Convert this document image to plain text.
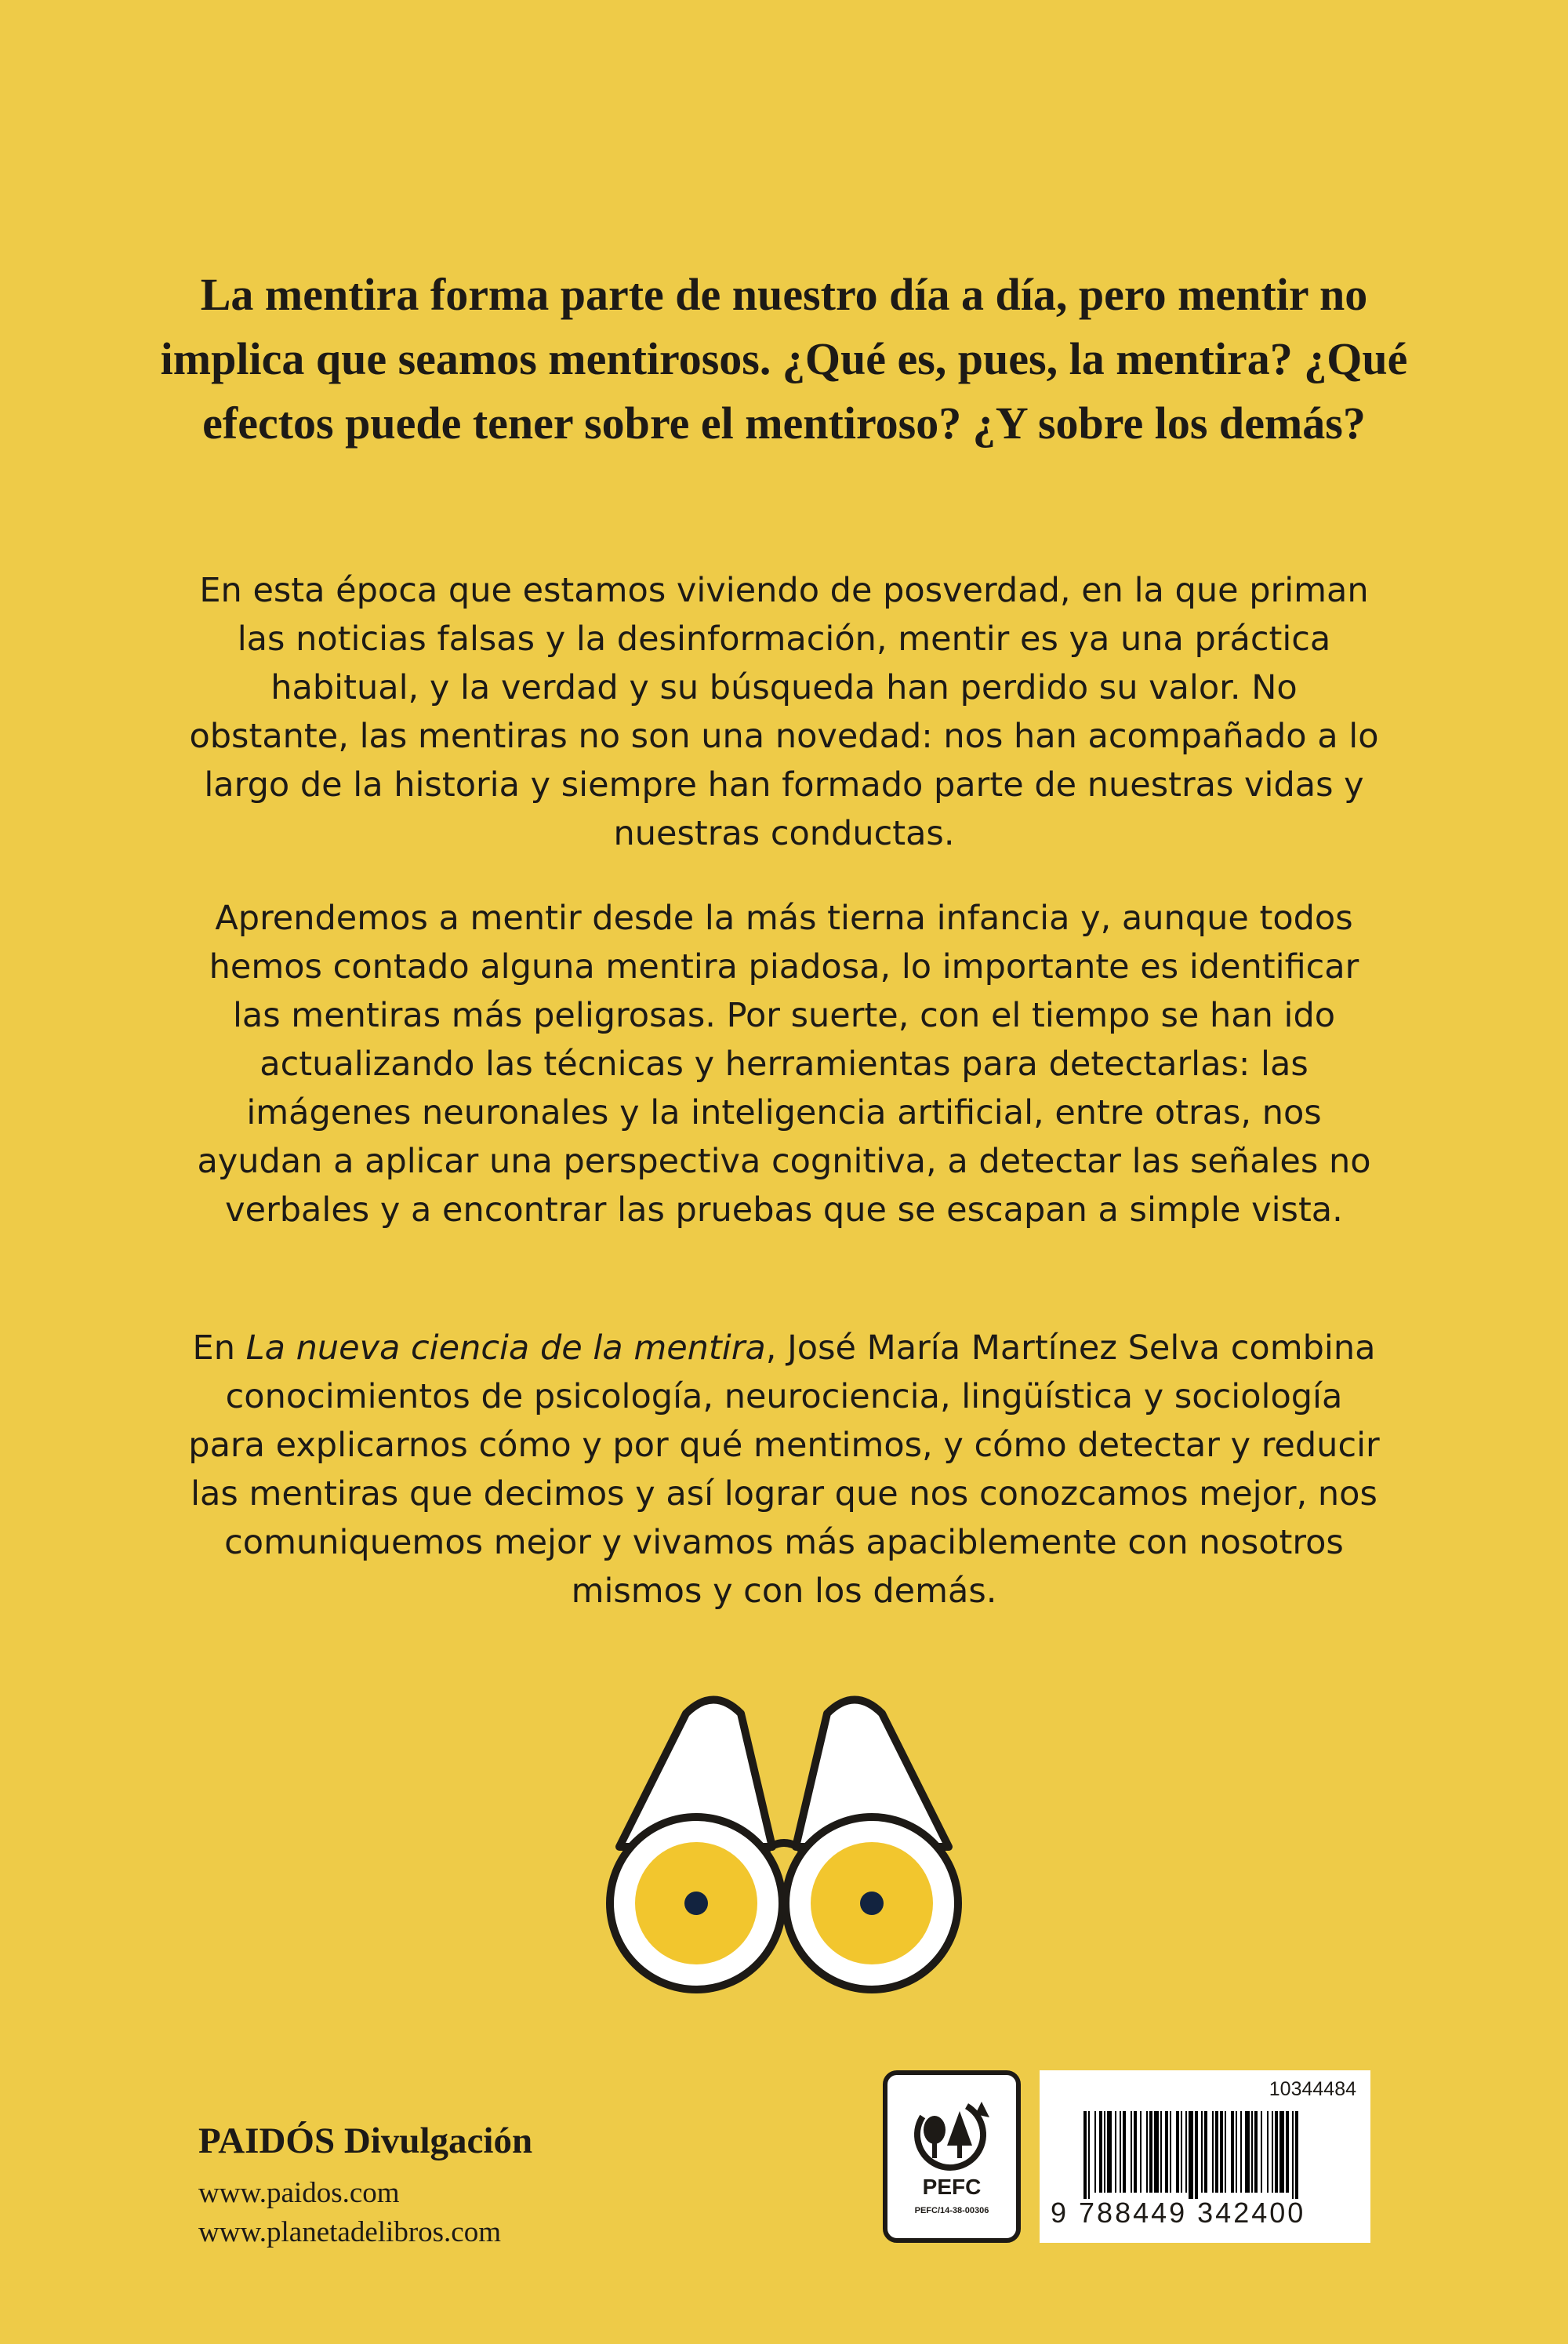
La mentira forma parte de nuestro día a día, pero mentir no implica que seamos mentirosos. ¿Qué es, pues, la mentira? ¿Qué efectos puede tener sobre el mentiroso? ¿Y sobre los demás?

En esta época que estamos viviendo de posverdad, en la que priman las noticias falsas y la desinformación, mentir es ya una práctica habitual, y la verdad y su búsqueda han perdido su valor. No obstante, las mentiras no son una novedad: nos han acompañado a lo largo de la historia y siempre han formado parte de nuestras vidas y nuestras conductas.

Aprendemos a mentir desde la más tierna infancia y, aunque todos hemos contado alguna mentira piadosa, lo importante es identificar las mentiras más peligrosas. Por suerte, con el tiempo se han ido actualizando las técnicas y herramientas para detectarlas: las imágenes neuronales y la inteligencia artificial, entre otras, nos ayudan a aplicar una perspectiva cognitiva, a detectar las señales no verbales y a encontrar las pruebas que se escapan a simple vista.

En La nueva ciencia de la mentira, José María Martínez Selva combina conocimientos de psicología, neurociencia, lingüística y sociología para explicarnos cómo y por qué mentimos, y cómo detectar y reducir las mentiras que decimos y así lograr que nos conozcamos mejor, nos comuniquemos mejor y vivamos más apaciblemente con nosotros mismos y con los demás.

PAIDÓS Divulgación

www.paidos.com

www.planetadelibros.com

PEFC
PEFC/14-38-00306
10344484
9 788449 342400
